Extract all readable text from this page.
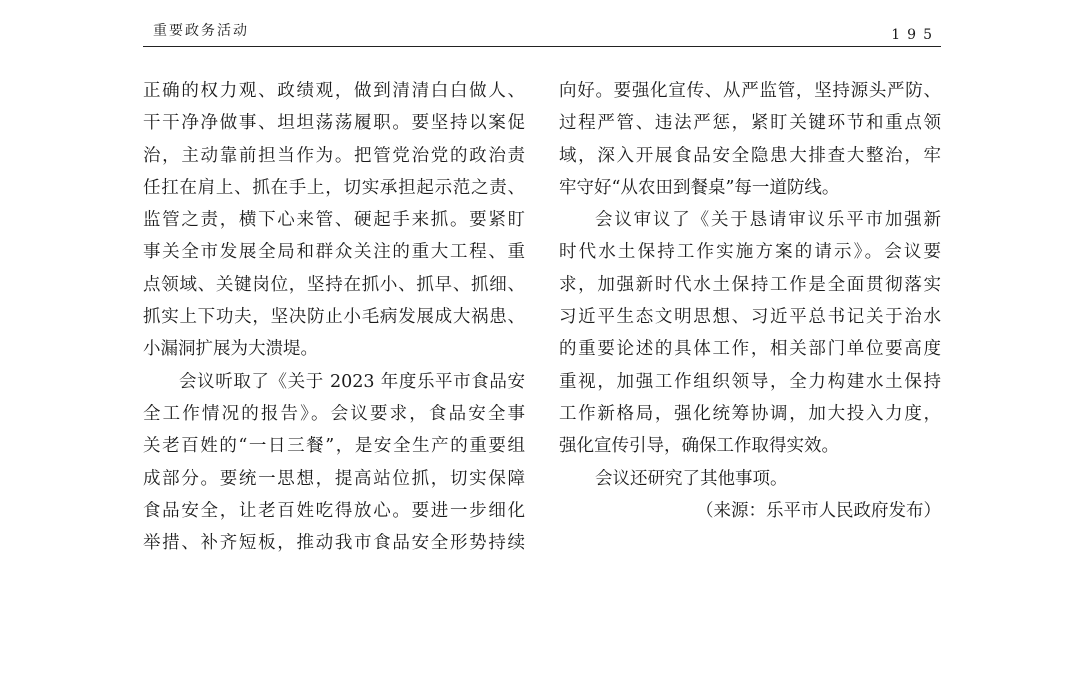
重要政务活动	195
正确的权力观、政绩观，做到清清白白做人、
干干净净做事、坦坦荡荡履职。要坚持以案促
治，主动靠前担当作为。把管党治党的政治责
任扛在肩上、抓在手上，切实承担起示范之责、
监管之责，横下心来管、硬起手来抓。要紧盯
事关全市发展全局和群众关注的重大工程、重
点领域、关键岗位，坚持在抓小、抓早、抓细、
抓实上下功夫，坚决防止小毛病发展成大祸患、
小漏洞扩展为大溃堤。
会议听取了《关于 2023 年度乐平市食品安
全工作情况的报告》。会议要求，食品安全事
关老百姓的“一日三餐”，是安全生产的重要组
成部分。要统一思想，提高站位抓，切实保障
食品安全，让老百姓吃得放心。要进一步细化
举措、补齐短板，推动我市食品安全形势持续
向好。要强化宣传、从严监管，坚持源头严防、
过程严管、违法严惩，紧盯关键环节和重点领
域，深入开展食品安全隐患大排查大整治，牢
牢守好“从农田到餐桌”每一道防线。
会议审议了《关于恳请审议乐平市加强新
时代水土保持工作实施方案的请示》。会议要
求，加强新时代水土保持工作是全面贯彻落实
习近平生态文明思想、习近平总书记关于治水
的重要论述的具体工作，相关部门单位要高度
重视，加强工作组织领导，全力构建水土保持
工作新格局，强化统筹协调，加大投入力度，
强化宣传引导，确保工作取得实效。
会议还研究了其他事项。
（来源：乐平市人民政府发布）
